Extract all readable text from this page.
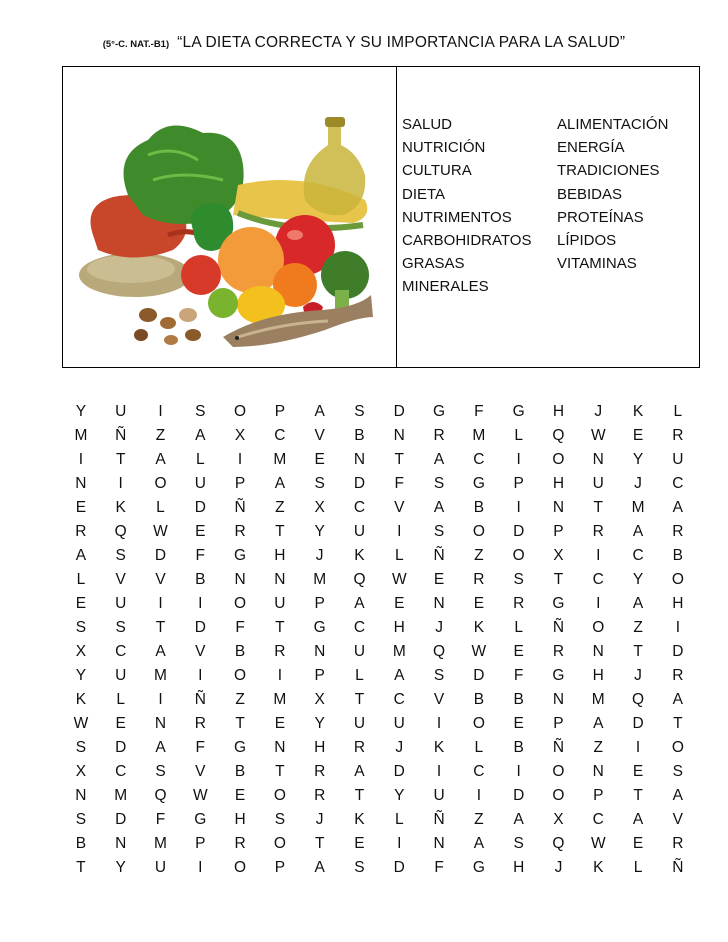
(5°-C. NAT.-B1) “LA DIETA CORRECTA Y SU IMPORTANCIA PARA LA SALUD”
SALUD	ALIMENTACIÓN
NUTRICIÓN	ENERGÍA
CULTURA	TRADICIONES
DIETA	BEBIDAS
NUTRIMENTOS	PROTEÍNAS
CARBOHIDRATOS	LÍPIDOS
GRASAS	VITAMINAS
MINERALES
Y	U	I	S	O	P	A	S	D	G	F	G	H	J	K	L
M	Ñ	Z	A	X	C	V	B	N	R	M	L	Q	W	E	R
I	T	A	L	I	M	E	N	T	A	C	I	O	N	Y	U
N	I	O	U	P	A	S	D	F	S	G	P	H	U	J	C
E	K	L	D	Ñ	Z	X	C	V	A	B	I	N	T	M	A
R	Q	W	E	R	T	Y	U	I	S	O	D	P	R	A	R
A	S	D	F	G	H	J	K	L	Ñ	Z	O	X	I	C	B
L	V	V	B	N	N	M	Q	W	E	R	S	T	C	Y	O
E	U	I	I	O	U	P	A	E	N	E	R	G	I	A	H
S	S	T	D	F	T	G	C	H	J	K	L	Ñ	O	Z	I
X	C	A	V	B	R	N	U	M	Q	W	E	R	N	T	D
Y	U	M	I	O	I	P	L	A	S	D	F	G	H	J	R
K	L	I	Ñ	Z	M	X	T	C	V	B	B	N	M	Q	A
W	E	N	R	T	E	Y	U	U	I	O	E	P	A	D	T
S	D	A	F	G	N	H	R	J	K	L	B	Ñ	Z	I	O
X	C	S	V	B	T	R	A	D	I	C	I	O	N	E	S
N	M	Q	W	E	O	R	T	Y	U	I	D	O	P	T	A
S	D	F	G	H	S	J	K	L	Ñ	Z	A	X	C	A	V
B	N	M	P	R	O	T	E	I	N	A	S	Q	W	E	R
T	Y	U	I	O	P	A	S	D	F	G	H	J	K	L	Ñ
